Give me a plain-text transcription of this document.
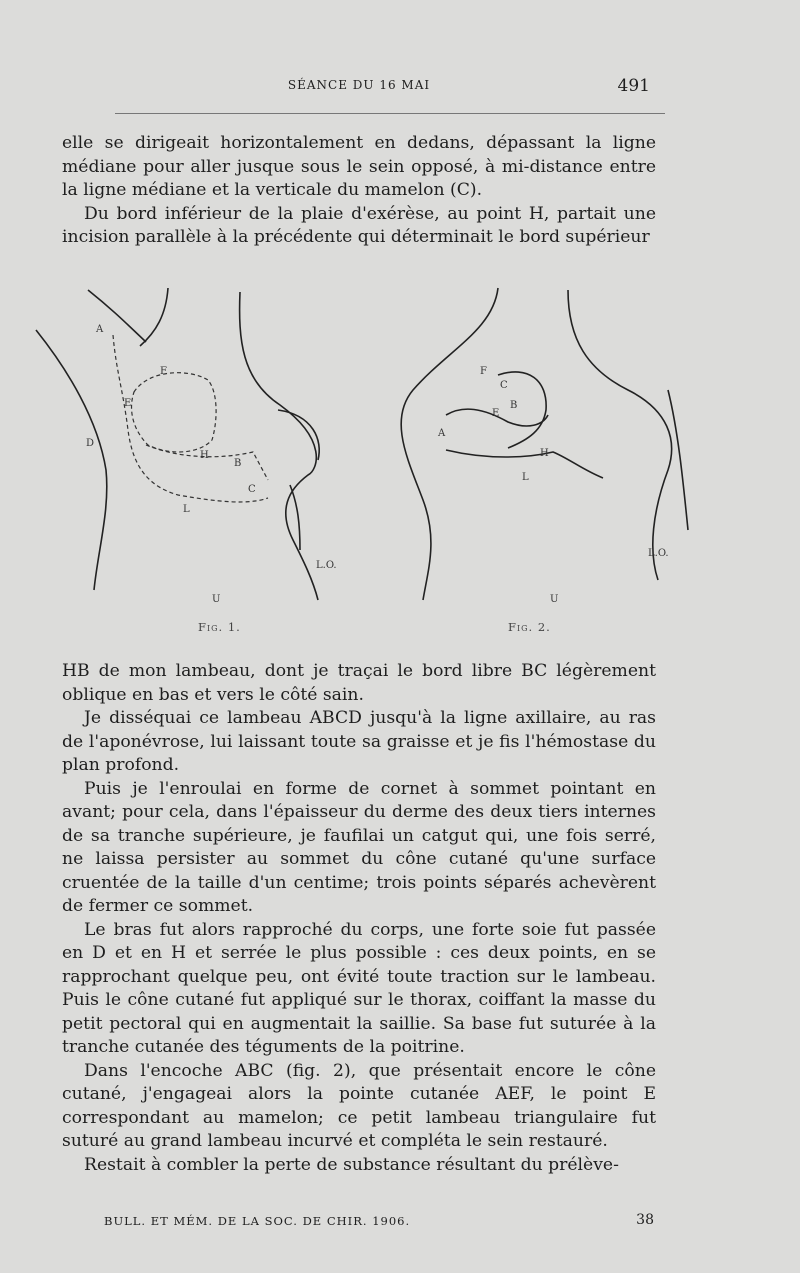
SÉANCE DU 16 MAI	491

elle se dirigeait horizontalement en dedans, dépassant la ligne médiane pour aller jusque sous le sein opposé, à mi-distance entre la ligne médiane et la verticale du mamelon (C).

Du bord inférieur de la plaie d'exérèse, au point H, partait une incision parallèle à la précédente qui déterminait le bord supérieur

A
F
E
D
H
B
C
L
L.O.
U
F
C
B
E
A
H
L
L.O.
U
Fig. 1.	Fig. 2.

HB de mon lambeau, dont je traçai le bord libre BC légèrement oblique en bas et vers le côté sain.

Je disséquai ce lambeau ABCD jusqu'à la ligne axillaire, au ras de l'aponévrose, lui laissant toute sa graisse et je fis l'hémostase du plan profond.

Puis je l'enroulai en forme de cornet à sommet pointant en avant; pour cela, dans l'épaisseur du derme des deux tiers internes de sa tranche supérieure, je faufilai un catgut qui, une fois serré, ne laissa persister au sommet du cône cutané qu'une surface cruentée de la taille d'un centime; trois points séparés achevèrent de fermer ce sommet.

Le bras fut alors rapproché du corps, une forte soie fut passée en D et en H et serrée le plus possible : ces deux points, en se rapprochant quelque peu, ont évité toute traction sur le lambeau. Puis le cône cutané fut appliqué sur le thorax, coiffant la masse du petit pectoral qui en augmentait la saillie. Sa base fut suturée à la tranche cutanée des téguments de la poitrine.

Dans l'encoche ABC (fig. 2), que présentait encore le cône cutané, j'engageai alors la pointe cutanée AEF, le point E correspondant au mamelon; ce petit lambeau triangulaire fut suturé au grand lambeau incurvé et compléta le sein restauré.

Restait à combler la perte de substance résultant du prélève-

BULL. ET MÉM. DE LA SOC. DE CHIR. 1906.	38
